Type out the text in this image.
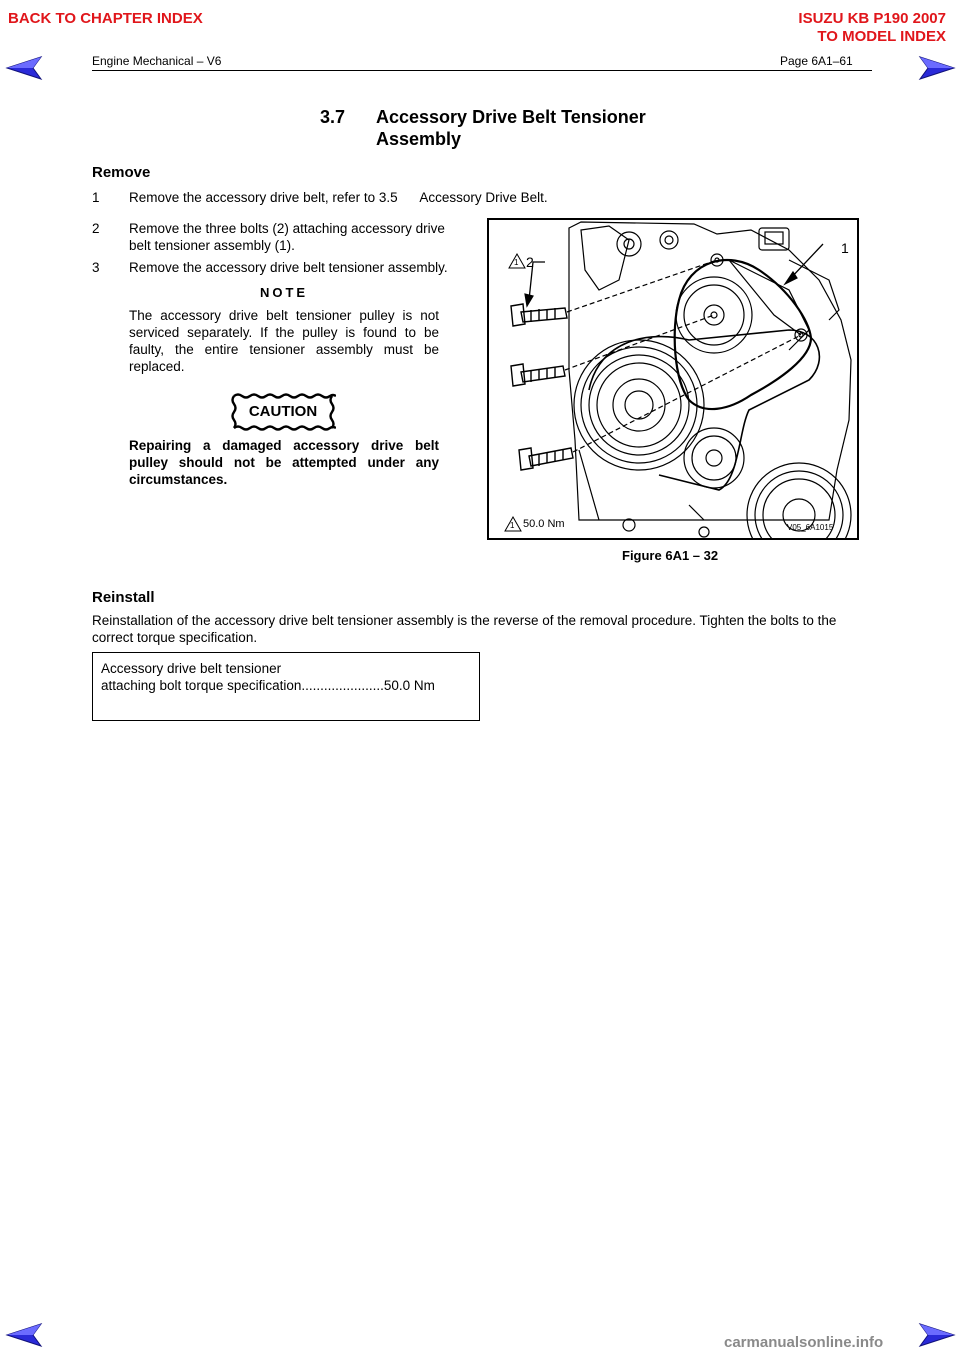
BACK TO CHAPTER INDEX	ISUZU KB P190 2007
TO MODEL INDEX
Engine Mechanical – V6	Page 6A1–61
3.7 Accessory Drive Belt Tensioner
Assembly
Remove
1 Remove the accessory drive belt, refer to 3.5      Accessory Drive Belt.
2 Remove the three bolts (2) attaching accessory drive
belt tensioner assembly (1).
3 Remove the accessory drive belt tensioner assembly.
NOTE
The accessory drive belt tensioner pulley is not serviced separately. If the pulley is found to be faulty, the entire tensioner assembly must be replaced.
CAUTION
Repairing a damaged accessory drive belt pulley should not be attempted under any circumstances.
1 2
1
1 50.0 Nm	V05_6A1015
Figure 6A1 – 32
Reinstall
Reinstallation of the accessory drive belt tensioner assembly is the reverse of the removal procedure. Tighten the bolts to the correct torque specification.
Accessory drive belt tensioner
attaching bolt torque specification......................50.0 Nm
carmanualsonline.info
